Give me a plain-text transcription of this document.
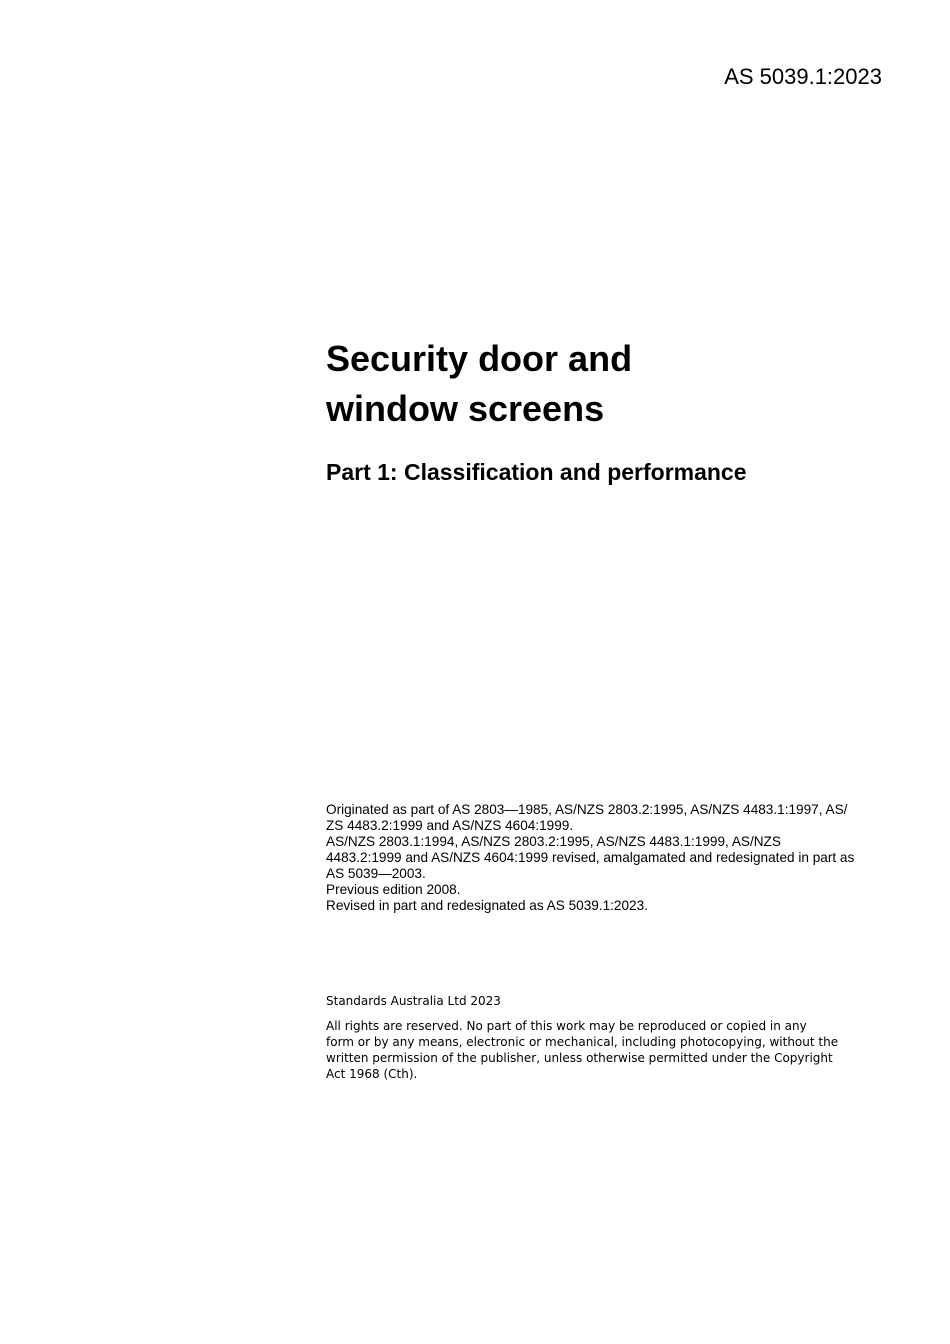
AS 5039.1:2023
Security door and
window screens
Part 1: Classification and performance
Originated as part of AS 2803—1985, AS/NZS 2803.2:1995, AS/NZS 4483.1:1997, AS/
ZS 4483.2:1999 and AS/NZS 4604:1999.
AS/NZS 2803.1:1994, AS/NZS 2803.2:1995, AS/NZS 4483.1:1999, AS/NZS
4483.2:1999 and AS/NZS 4604:1999 revised, amalgamated and redesignated in part as
AS 5039—2003.
Previous edition 2008.
Revised in part and redesignated as AS 5039.1:2023.
Standards Australia Ltd 2023
All rights are reserved. No part of this work may be reproduced or copied in any
form or by any means, electronic or mechanical, including photocopying, without the
written permission of the publisher, unless otherwise permitted under the Copyright
Act 1968 (Cth).
